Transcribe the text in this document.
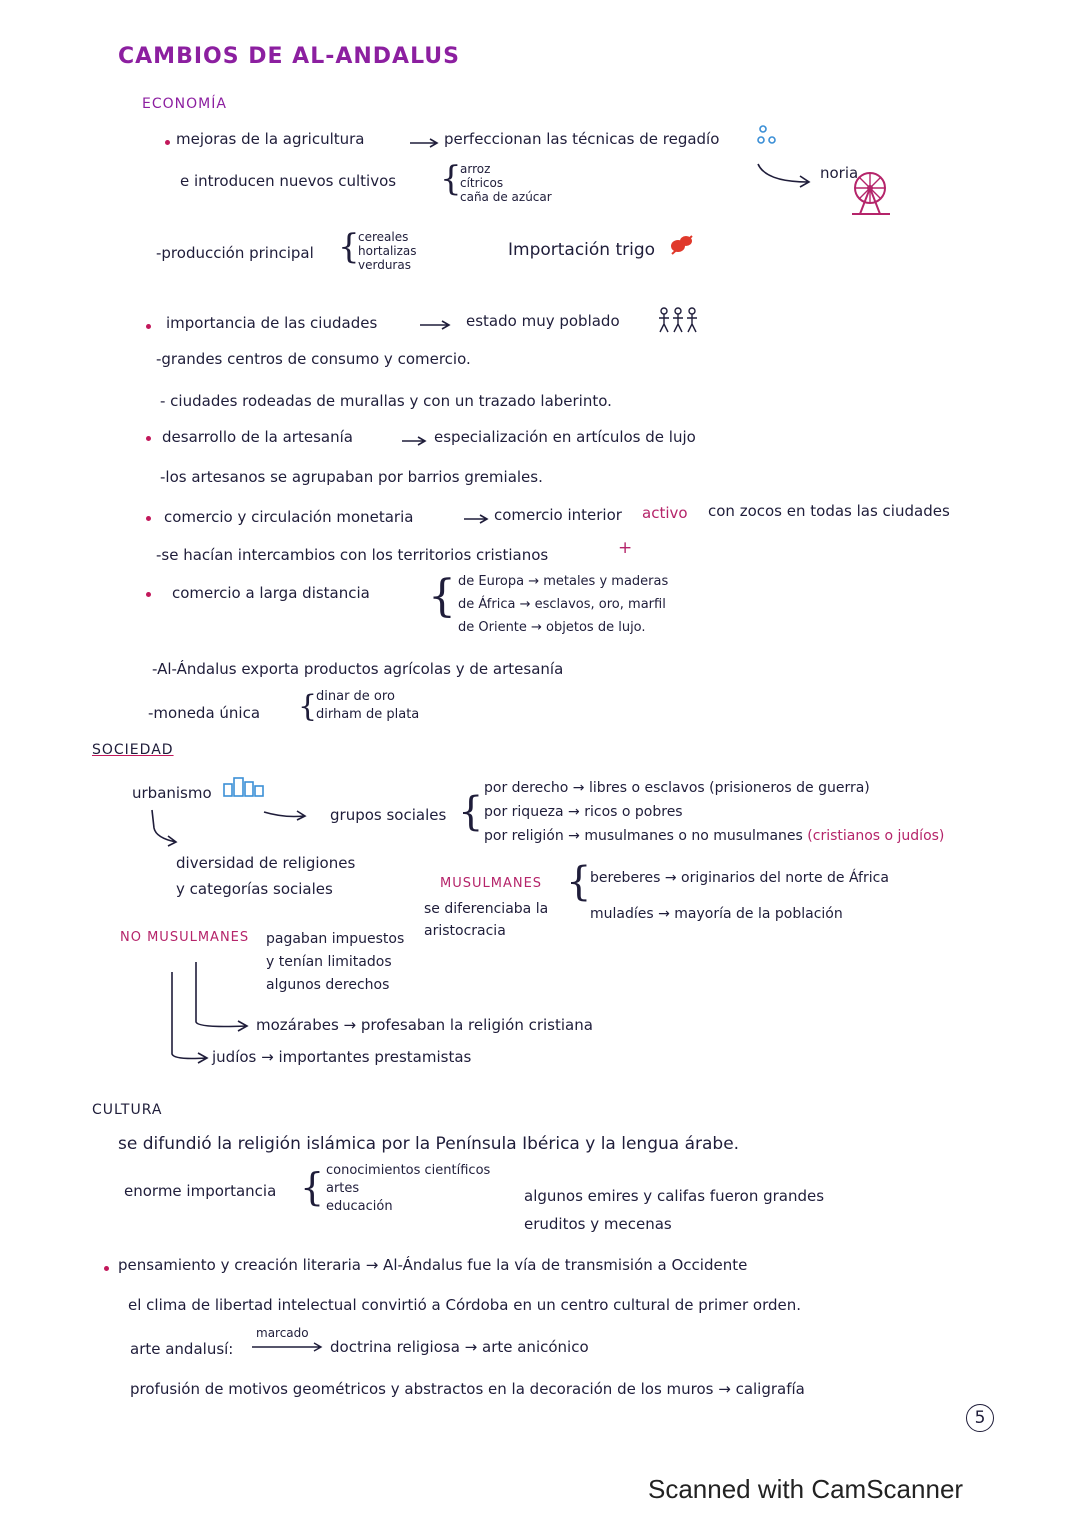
CAMBIOS DE AL-ANDALUS
ECONOMÍA
mejoras de la agricultura	perfeccionan las técnicas de regadío
e introducen nuevos cultivos {
arroz
cítricos
caña de azúcar
noria
-producción principal {
cereales
hortalizas
verduras
Importación trigo
importancia de las ciudades	estado muy poblado
-grandes centros de consumo y comercio.
- ciudades rodeadas de murallas y con un trazado laberinto.
desarrollo de la artesanía	especialización en artículos de lujo
-los artesanos se agrupaban por barrios gremiales.
comercio y circulación monetaria	comercio interior activo con zocos en todas las ciudades
-se hacían intercambios con los territorios cristianos	+
comercio a larga distancia { de Europa → metales y maderas
de África → esclavos, oro, marfil
de Oriente → objetos de lujo.
-Al-Ándalus exporta productos agrícolas y de artesanía
-moneda única {
dinar de oro
dirham de plata
SOCIEDAD
urbanismo
grupos sociales {
por derecho → libres o esclavos (prisioneros de guerra)
por riqueza → ricos o pobres
por religión → musulmanes o no musulmanes (cristianos o judíos)
diversidad de religiones
y categorías sociales	MUSULMANES
se diferenciaba la
aristocracia
{
bereberes → originarios del norte de África
muladíes → mayoría de la población
NO MUSULMANES pagaban impuestos
y tenían limitados
algunos derechos
mozárabes → profesaban la religión cristiana
judíos → importantes prestamistas
CULTURA
se difundió la religión islámica por la Península Ibérica y la lengua árabe.
enorme importancia { conocimientos científicos
artes
educación
algunos emires y califas fueron grandes
eruditos y mecenas
pensamiento y creación literaria → Al-Ándalus fue la vía de transmisión a Occidente
el clima de libertad intelectual convirtió a Córdoba en un centro cultural de primer orden.
arte andalusí:
marcado
doctrina religiosa → arte anicónico
profusión de motivos geométricos y abstractos en la decoración de los muros → caligrafía
5
Scanned with CamScanner
